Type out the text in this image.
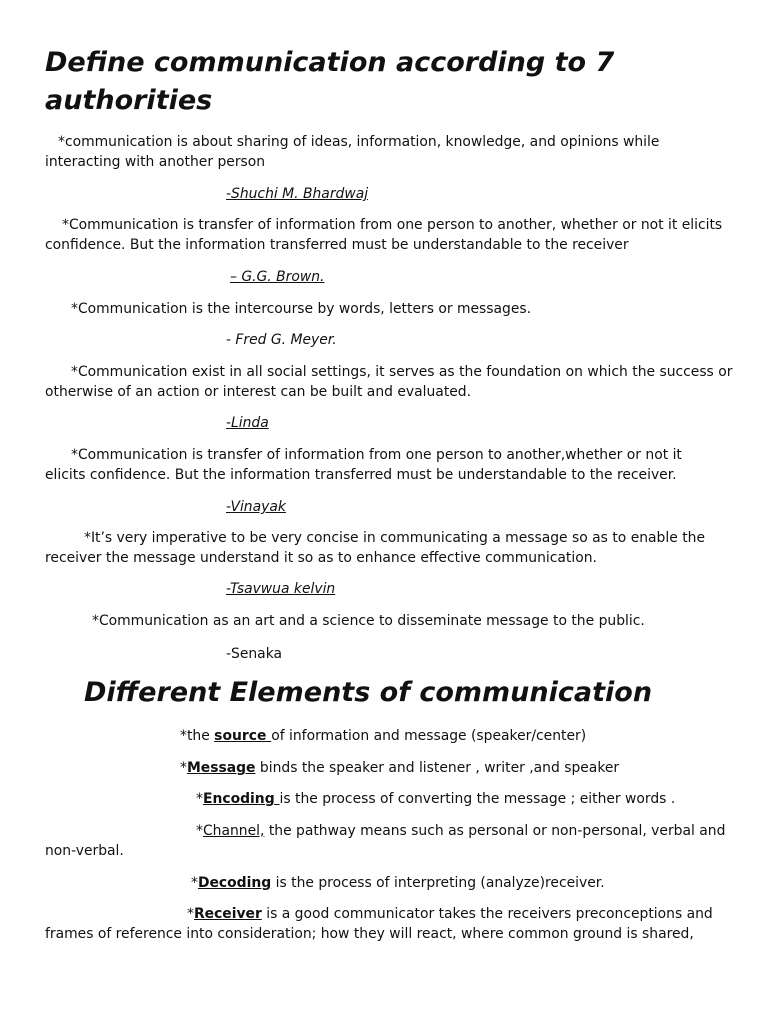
Define communication according to 7 authorities

*communication is about sharing of ideas, information, knowledge, and opinions while interacting with another person

-Shuchi M. Bhardwaj

*Communication is transfer of information from one person to another, whether or not it elicits confidence. But the information transferred must be understandable to the receiver

– G.G. Brown.

*Communication is the intercourse by words, letters or messages.

- Fred G. Meyer.

*Communication exist in all social settings, it serves as the foundation on which the success or otherwise of an action or interest can be built and evaluated.

-Linda

*Communication is transfer of information from one person to another,whether or not it elicits confidence. But the information transferred must be understandable to the receiver.

-Vinayak

*It’s very imperative to be very concise in communicating a message so as to enable the receiver the message understand it so as to enhance effective communication.

-Tsavwua kelvin

*Communication as an art and a science to disseminate message to the public.

-Senaka

Different Elements of communication

*the source of information and message (speaker/center)

*Message binds the speaker and listener , writer ,and speaker

*Encoding is the process of converting the message ; either words .

*Channel, the pathway means such as personal or non-personal, verbal and non-verbal.

*Decoding is the process of interpreting (analyze)receiver.

*Receiver is a good communicator takes the receivers preconceptions and frames of reference into consideration; how they will react, where common ground is shared,
